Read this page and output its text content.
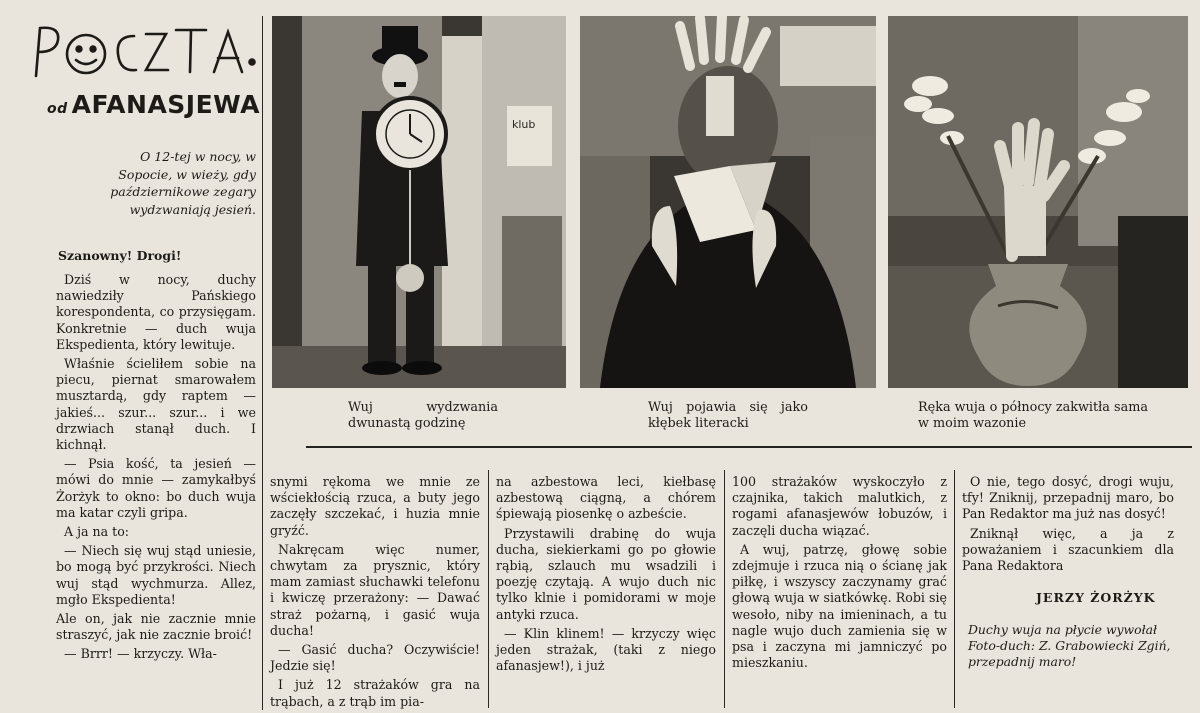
od AFANASJEWA
O 12-tej w nocy, w Sopocie, w wieży, gdy październikowe zegary wydzwaniają jesień.
Szanowny! Drogi!

Dziś w nocy, duchy nawiedziły Pańskiego korespondenta, co przysięgam. Konkretnie — duch wuja Ekspedienta, który lewituje.

Właśnie ścieliłem sobie na piecu, piernat smarowałem musztardą, gdy raptem — jakieś... szur... szur... i we drzwiach stanął duch. I kichnął.

— Psia kość, ta jesień — mówi do mnie — zamykałbyś Żorżyk to okno: bo duch wuja ma katar czyli gripa.

A ja na to:

— Niech się wuj stąd uniesie, bo mogą być przykrości. Niech wuj stąd wychmurza. Allez, mgło Ekspedienta!

Ale on, jak nie zacznie mnie straszyć, jak nie zacznie broić!

— Brrr! — krzyczy. Wła-

klub
Wuj wydzwania dwunastą godzinę
Wuj pojawia się jako kłębek literacki
Ręka wuja o północy zakwitła sama w moim wazonie

snymi rękoma we mnie ze wściekłością rzuca, a buty jego zaczęły szczekać, i huzia mnie gryźć.

Nakręcam więc numer, chwytam za prysznic, który mam zamiast słuchawki telefonu i kwiczę przerażony: — Dawać straż pożarną, i gasić wuja ducha!

— Gasić ducha? Oczywiście! Jedzie się!

I już 12 strażaków gra na trąbach, a z trąb im pia-

na azbestowa leci, kiełbasę azbestową ciągną, a chórem śpiewają piosenkę o azbeście.

Przystawili drabinę do wuja ducha, siekierkami go po głowie rąbią, szlauch mu wsadzili i poezję czytają. A wujo duch nic tylko klnie i pomidorami w moje antyki rzuca.

— Klin klinem! — krzyczy więc jeden strażak, (taki z niego afanasjew!), i już

100 strażaków wyskoczyło z czajnika, takich malutkich, z rogami afanasjewów łobuzów, i zaczęli ducha wiązać.

A wuj, patrzę, głowę sobie zdejmuje i rzuca nią o ścianę jak piłkę, i wszyscy zaczynamy grać głową wuja w siatkówkę. Robi się wesoło, niby na imieninach, a tu nagle wujo duch zamienia się w psa i zaczyna mi jamniczyć po mieszkaniu.

O nie, tego dosyć, drogi wuju, tfy! Zniknij, przepadnij maro, bo Pan Redaktor ma już nas dosyć!

Zniknął więc, a ja z poważaniem i szacunkiem dla Pana Redaktora

JERZY ŻORŻYK
Duchy wuja na płycie wywołał
Foto-duch: Z. Grabowiecki Zgiń, przepadnij maro!
